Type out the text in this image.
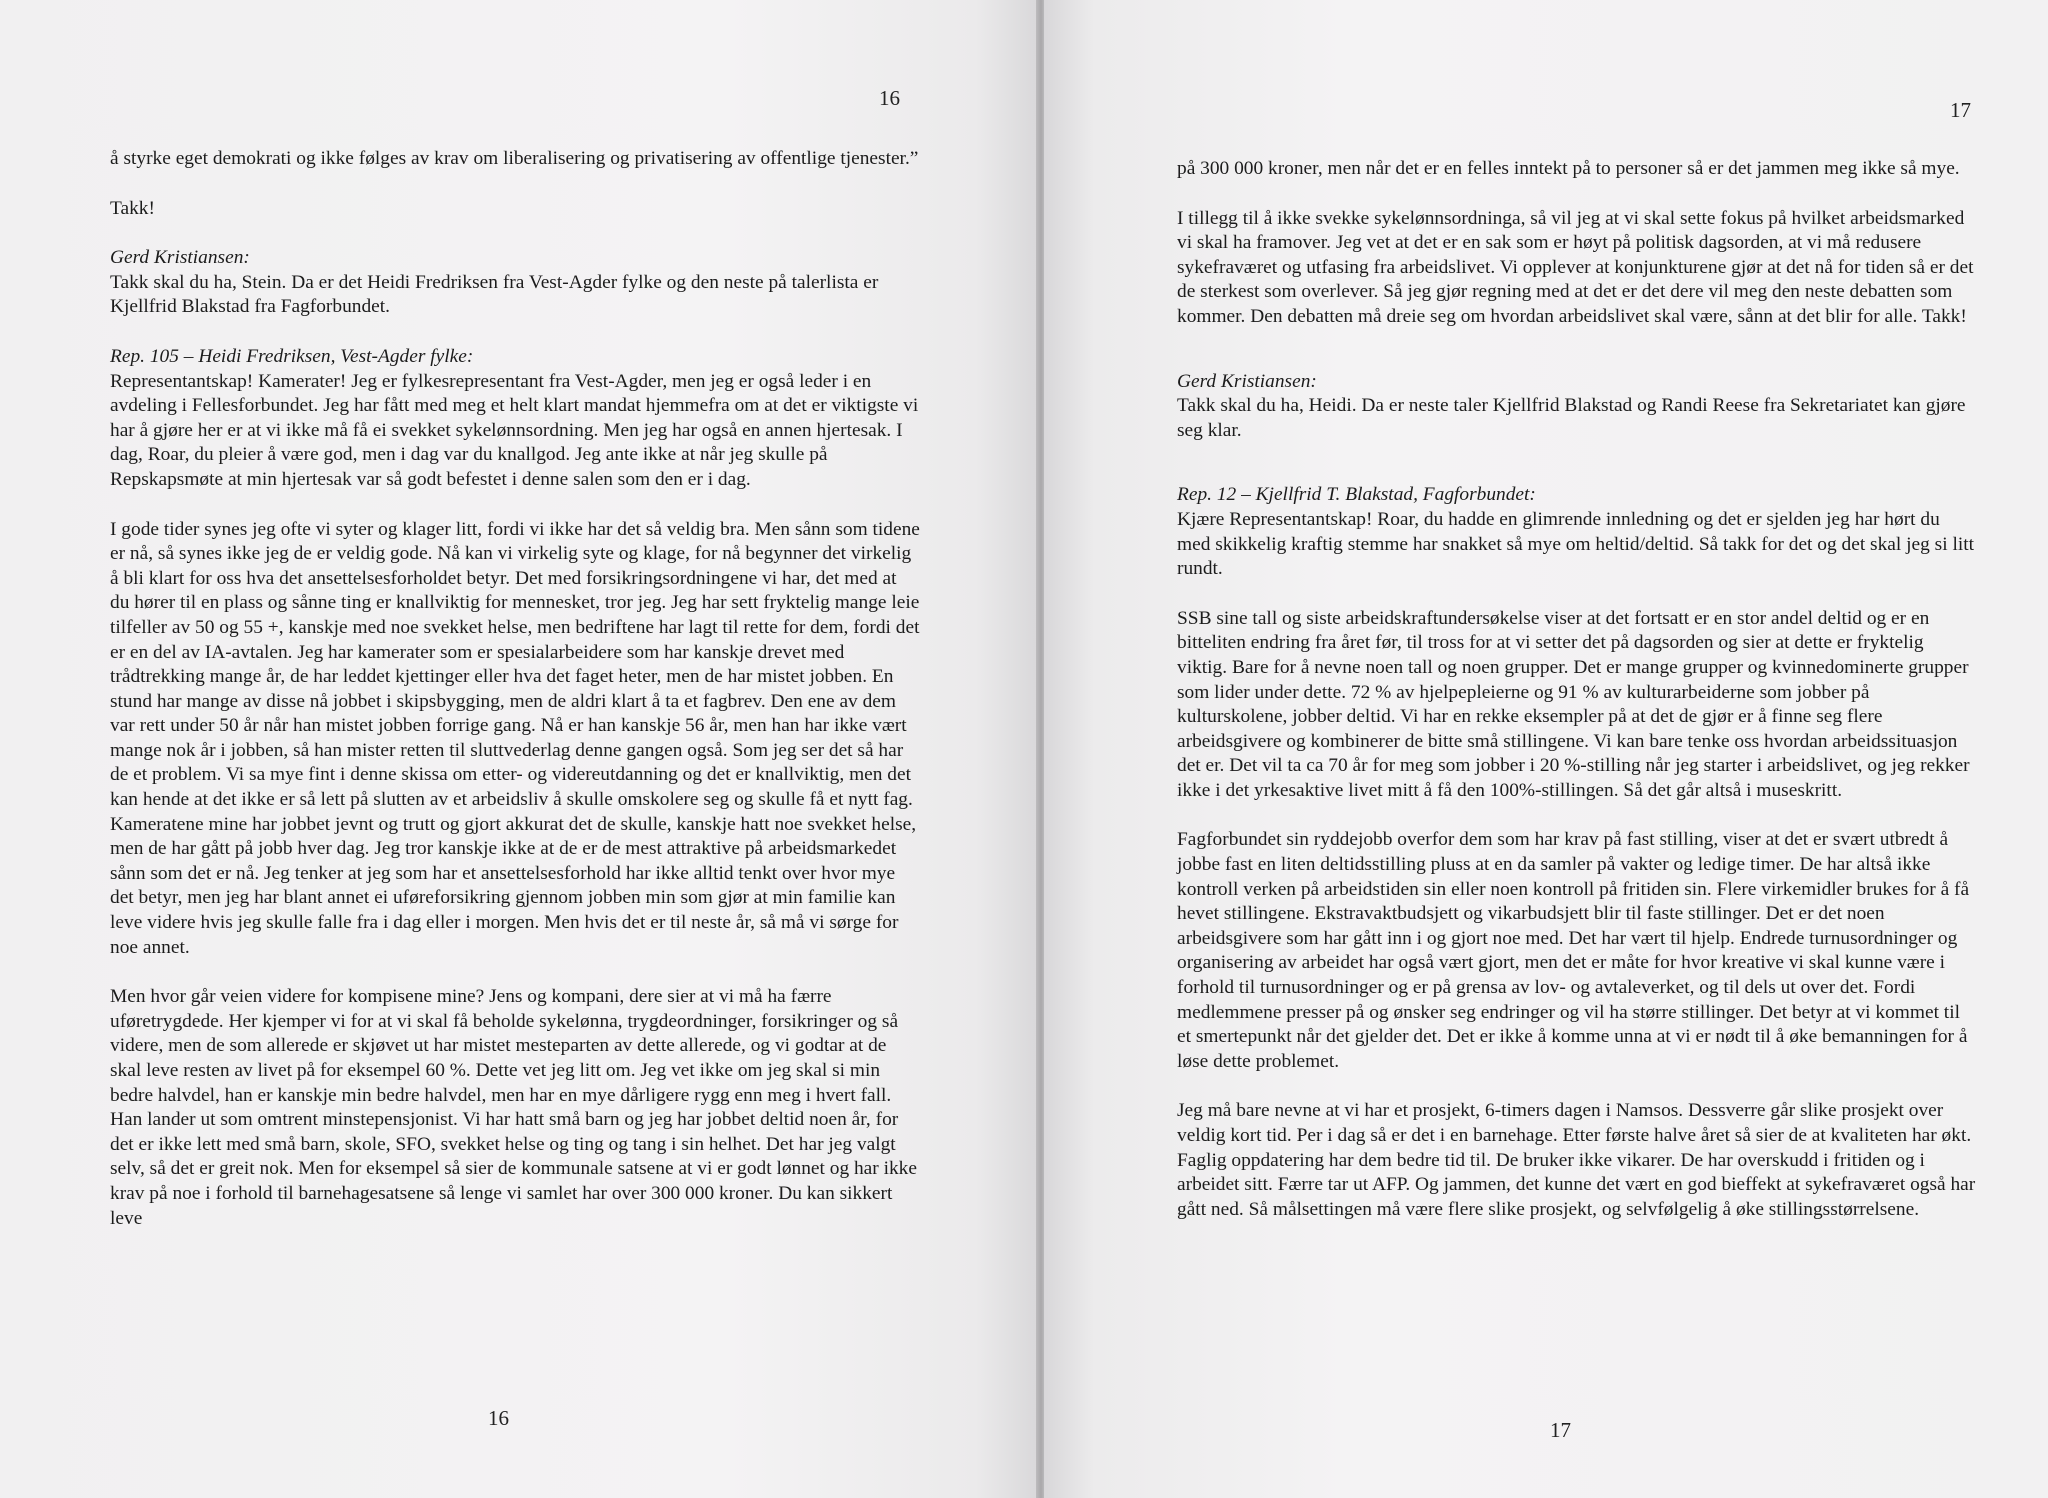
16

å styrke eget demokrati og ikke følges av krav om liberalisering og privatisering av offentlige tjenester.”

Takk!

Gerd Kristiansen:
Takk skal du ha, Stein. Da er det Heidi Fredriksen fra Vest-Agder fylke og den neste på talerlista er Kjellfrid Blakstad fra Fagforbundet.

Rep. 105 – Heidi Fredriksen, Vest-Agder fylke:
Representantskap! Kamerater! Jeg er fylkesrepresentant fra Vest-Agder, men jeg er også leder i en avdeling i Fellesforbundet. Jeg har fått med meg et helt klart mandat hjemmefra om at det er viktigste vi har å gjøre her er at vi ikke må få ei svekket sykelønnsordning. Men jeg har også en annen hjertesak. I dag, Roar, du pleier å være god, men i dag var du knallgod. Jeg ante ikke at når jeg skulle på Repskapsmøte at min hjertesak var så godt befestet i denne salen som den er i dag.

I gode tider synes jeg ofte vi syter og klager litt, fordi vi ikke har det så veldig bra. Men sånn som tidene er nå, så synes ikke jeg de er veldig gode. Nå kan vi virkelig syte og klage, for nå begynner det virkelig å bli klart for oss hva det ansettelsesforholdet betyr. Det med forsikringsordningene vi har, det med at du hører til en plass og sånne ting er knallviktig for mennesket, tror jeg. Jeg har sett fryktelig mange leie tilfeller av 50 og 55 +, kanskje med noe svekket helse, men bedriftene har lagt til rette for dem, fordi det er en del av IA-avtalen. Jeg har kamerater som er spesialarbeidere som har kanskje drevet med trådtrekking mange år, de har leddet kjettinger eller hva det faget heter, men de har mistet jobben. En stund har mange av disse nå jobbet i skipsbygging, men de aldri klart å ta et fagbrev. Den ene av dem var rett under 50 år når han mistet jobben forrige gang. Nå er han kanskje 56 år, men han har ikke vært mange nok år i jobben, så han mister retten til sluttvederlag denne gangen også. Som jeg ser det så har de et problem. Vi sa mye fint i denne skissa om etter- og videreutdanning og det er knallviktig, men det kan hende at det ikke er så lett på slutten av et arbeidsliv å skulle omskolere seg og skulle få et nytt fag. Kameratene mine har jobbet jevnt og trutt og gjort akkurat det de skulle, kanskje hatt noe svekket helse, men de har gått på jobb hver dag. Jeg tror kanskje ikke at de er de mest attraktive på arbeidsmarkedet sånn som det er nå. Jeg tenker at jeg som har et ansettelsesforhold har ikke alltid tenkt over hvor mye det betyr, men jeg har blant annet ei uføreforsikring gjennom jobben min som gjør at min familie kan leve videre hvis jeg skulle falle fra i dag eller i morgen. Men hvis det er til neste år, så må vi sørge for noe annet.

Men hvor går veien videre for kompisene mine? Jens og kompani, dere sier at vi må ha færre uføretrygdede. Her kjemper vi for at vi skal få beholde sykelønna, trygdeordninger, forsikringer og så videre, men de som allerede er skjøvet ut har mistet mesteparten av dette allerede, og vi godtar at de skal leve resten av livet på for eksempel 60 %. Dette vet jeg litt om. Jeg vet ikke om jeg skal si min bedre halvdel, han er kanskje min bedre halvdel, men har en mye dårligere rygg enn meg i hvert fall. Han lander ut som omtrent minstepensjonist. Vi har hatt små barn og jeg har jobbet deltid noen år, for det er ikke lett med små barn, skole, SFO, svekket helse og ting og tang i sin helhet. Det har jeg valgt selv, så det er greit nok. Men for eksempel så sier de kommunale satsene at vi er godt lønnet og har ikke krav på noe i forhold til barnehagesatsene så lenge vi samlet har over 300 000 kroner. Du kan sikkert leve

16
17

på 300 000 kroner, men når det er en felles inntekt på to personer så er det jammen meg ikke så mye.

I tillegg til å ikke svekke sykelønnsordninga, så vil jeg at vi skal sette fokus på hvilket arbeidsmarked vi skal ha framover. Jeg vet at det er en sak som er høyt på politisk dagsorden, at vi må redusere sykefraværet og utfasing fra arbeidslivet. Vi opplever at konjunkturene gjør at det nå for tiden så er det de sterkest som overlever. Så jeg gjør regning med at det er det dere vil meg den neste debatten som kommer. Den debatten må dreie seg om hvordan arbeidslivet skal være, sånn at det blir for alle. Takk!

Gerd Kristiansen:
Takk skal du ha, Heidi. Da er neste taler Kjellfrid Blakstad og Randi Reese fra Sekretariatet kan gjøre seg klar.

Rep. 12 – Kjellfrid T. Blakstad, Fagforbundet:
Kjære Representantskap! Roar, du hadde en glimrende innledning og det er sjelden jeg har hørt du med skikkelig kraftig stemme har snakket så mye om heltid/deltid. Så takk for det og det skal jeg si litt rundt.

SSB sine tall og siste arbeidskraftundersøkelse viser at det fortsatt er en stor andel deltid og er en bitteliten endring fra året før, til tross for at vi setter det på dagsorden og sier at dette er fryktelig viktig. Bare for å nevne noen tall og noen grupper. Det er mange grupper og kvinnedominerte grupper som lider under dette. 72 % av hjelpepleierne og 91 % av kulturarbeiderne som jobber på kulturskolene, jobber deltid. Vi har en rekke eksempler på at det de gjør er å finne seg flere arbeidsgivere og kombinerer de bitte små stillingene. Vi kan bare tenke oss hvordan arbeidssituasjon det er. Det vil ta ca 70 år for meg som jobber i 20 %-stilling når jeg starter i arbeidslivet, og jeg rekker ikke i det yrkesaktive livet mitt å få den 100%-stillingen. Så det går altså i museskritt.

Fagforbundet sin ryddejobb overfor dem som har krav på fast stilling, viser at det er svært utbredt å jobbe fast en liten deltidsstilling pluss at en da samler på vakter og ledige timer. De har altså ikke kontroll verken på arbeidstiden sin eller noen kontroll på fritiden sin. Flere virkemidler brukes for å få hevet stillingene. Ekstravaktbudsjett og vikarbudsjett blir til faste stillinger. Det er det noen arbeidsgivere som har gått inn i og gjort noe med. Det har vært til hjelp. Endrede turnusordninger og organisering av arbeidet har også vært gjort, men det er måte for hvor kreative vi skal kunne være i forhold til turnusordninger og er på grensa av lov- og avtaleverket, og til dels ut over det. Fordi medlemmene presser på og ønsker seg endringer og vil ha større stillinger. Det betyr at vi kommet til et smertepunkt når det gjelder det. Det er ikke å komme unna at vi er nødt til å øke bemanningen for å løse dette problemet.

Jeg må bare nevne at vi har et prosjekt, 6-timers dagen i Namsos. Dessverre går slike prosjekt over veldig kort tid. Per i dag så er det i en barnehage. Etter første halve året så sier de at kvaliteten har økt. Faglig oppdatering har dem bedre tid til. De bruker ikke vikarer. De har overskudd i fritiden og i arbeidet sitt. Færre tar ut AFP. Og jammen, det kunne det vært en god bieffekt at sykefraværet også har gått ned. Så målsettingen må være flere slike prosjekt, og selvfølgelig å øke stillingsstørrelsene.

17
